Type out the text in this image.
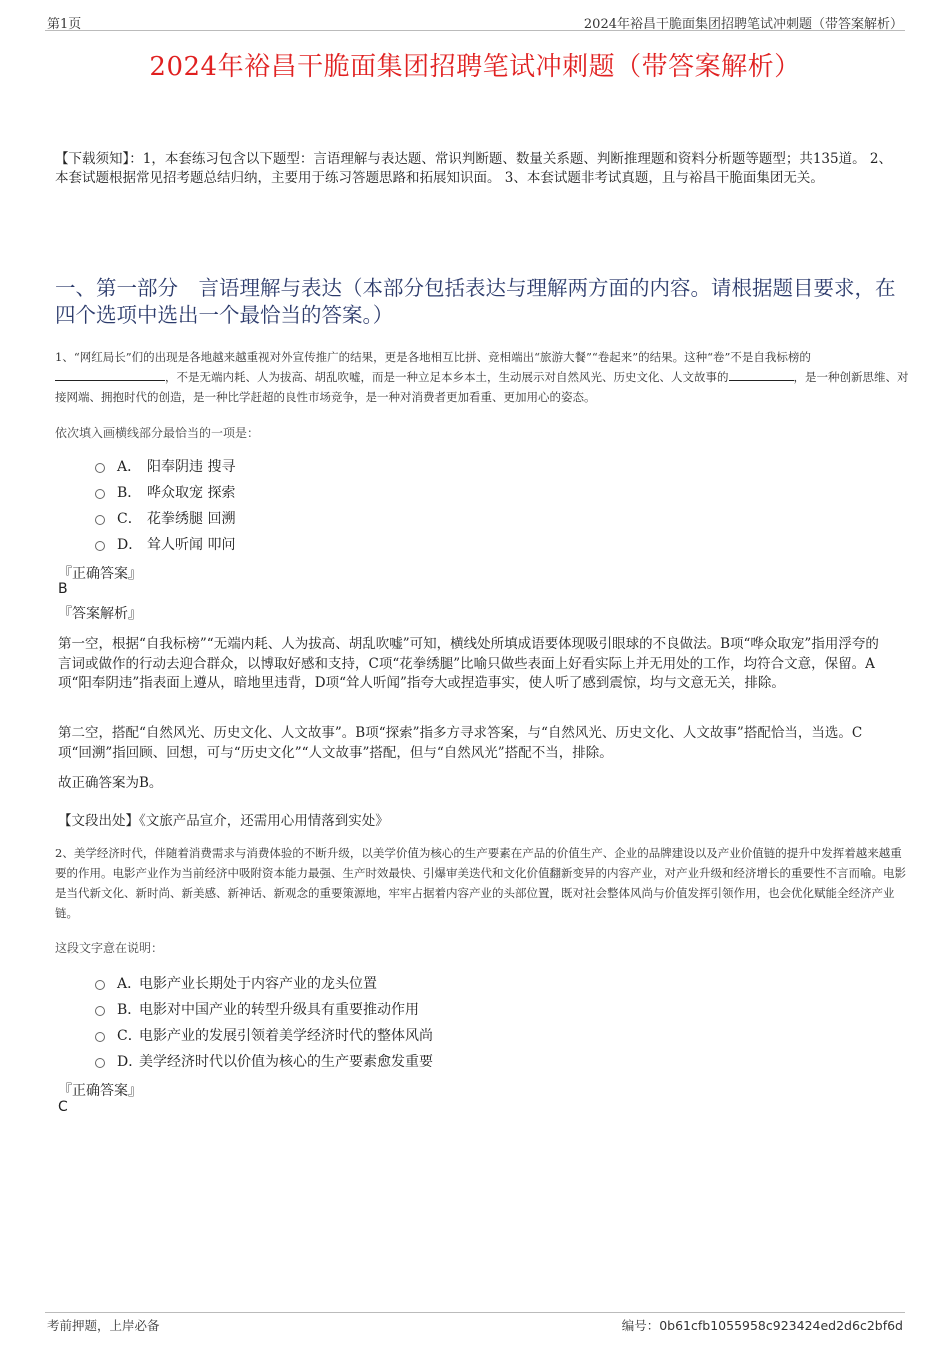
第1页	2024年裕昌干脆面集团招聘笔试冲刺题（带答案解析）
2024年裕昌干脆面集团招聘笔试冲刺题（带答案解析）
【下载须知】：1，本套练习包含以下题型：言语理解与表达题、常识判断题、数量关系题、判断推理题和资料分析题等题型；共135道。 2、本套试题根据常见招考题总结归纳，主要用于练习答题思路和拓展知识面。 3、本套试题非考试真题，且与裕昌干脆面集团无关。
一、第一部分　言语理解与表达（本部分包括表达与理解两方面的内容。请根据题目要求，在四个选项中选出一个最恰当的答案。）
1、“网红局长”们的出现是各地越来越重视对外宣传推广的结果，更是各地相互比拼、竞相端出“旅游大餐”“卷起来”的结果。这种“卷”不是自我标榜的，不是无端内耗、人为拔高、胡乱吹嘘，而是一种立足本乡本土，生动展示对自然风光、历史文化、人文故事的	，是一种创新思维、对接网端、拥抱时代的创造，是一种比学赶超的良性市场竞争，是一种对消费者更加看重、更加用心的姿态。
依次填入画横线部分最恰当的一项是：
A． 阳奉阴违 搜寻
B． 哗众取宠 探索
C． 花拳绣腿 回溯
D． 耸人听闻 叩问
『正确答案』
B
『答案解析』
第一空，根据“自我标榜”“无端内耗、人为拔高、胡乱吹嘘”可知，横线处所填成语要体现吸引眼球的不良做法。B项“哗众取宠”指用浮夸的言词或做作的行动去迎合群众，以博取好感和支持，C项“花拳绣腿”比喻只做些表面上好看实际上并无用处的工作，均符合文意，保留。A项“阳奉阴违”指表面上遵从，暗地里违背，D项“耸人听闻”指夸大或捏造事实，使人听了感到震惊，均与文意无关，排除。
第二空，搭配“自然风光、历史文化、人文故事”。B项“探索”指多方寻求答案，与“自然风光、历史文化、人文故事”搭配恰当，当选。C项“回溯”指回顾、回想，可与“历史文化”“人文故事”搭配，但与“自然风光”搭配不当，排除。
故正确答案为B。
【文段出处】《文旅产品宣介，还需用心用情落到实处》
2、美学经济时代，伴随着消费需求与消费体验的不断升级，以美学价值为核心的生产要素在产品的价值生产、企业的品牌建设以及产业价值链的提升中发挥着越来越重要的作用。电影产业作为当前经济中吸附资本能力最强、生产时效最快、引爆审美迭代和文化价值翻新变异的内容产业，对产业升级和经济增长的重要性不言而喻。电影是当代新文化、新时尚、新美感、新神话、新观念的重要策源地，牢牢占据着内容产业的头部位置，既对社会整体风尚与价值发挥引领作用，也会优化赋能全经济产业链。
这段文字意在说明：
A．
电影产业长期处于内容产业的龙头位置
B．
电影对中国产业的转型升级具有重要推动作用
C．
电影产业的发展引领着美学经济时代的整体风尚
D．
美学经济时代以价值为核心的生产要素愈发重要
『正确答案』
C
考前押题，上岸必备	编号：0b61cfb1055958c923424ed2d6c2bf6d
